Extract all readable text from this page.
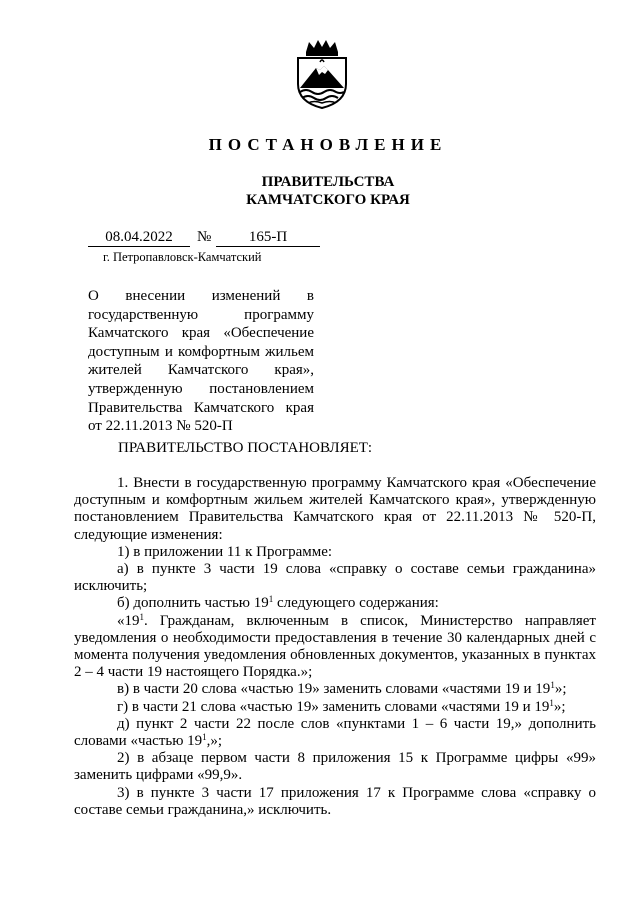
ПОСТАНОВЛЕНИЕ
ПРАВИТЕЛЬСТВА
КАМЧАТСКОГО КРАЯ
08.04.2022	№	165-П
г. Петропавловск-Камчатский
О внесении изменений в
государственную программу
Камчатского края «Обеспечение
доступным и комфортным жильем
жителей Камчатского края»,
утвержденную постановлением
Правительства Камчатского края
от 22.11.2013 № 520-П
ПРАВИТЕЛЬСТВО ПОСТАНОВЛЯЕТ:

1. Внести в государственную программу Камчатского края «Обеспечение доступным и комфортным жильем жителей Камчатского края», утвержденную постановлением Правительства Камчатского края от 22.11.2013 № 520-П, следующие изменения:

1) в приложении 11 к Программе:

а) в пункте 3 части 19 слова «справку о составе семьи гражданина» исключить;

б) дополнить частью $19^1$ следующего содержания:

«$19^1$. Гражданам, включенным в список, Министерство направляет уведомления о необходимости предоставления в течение 30 календарных дней с момента получения уведомления обновленных документов, указанных в пунктах 2 – 4 части 19 настоящего Порядка.»;

в) в части 20 слова «частью 19» заменить словами «частями 19 и $19^1$»;

г) в части 21 слова «частью 19» заменить словами «частями 19 и $19^1$»;

д) пункт 2 части 22 после слов «пунктами 1 – 6 части 19,» дополнить словами «частью $19^1$,»;

2) в абзаце первом части 8 приложения 15 к Программе цифры «99» заменить цифрами «99,9».

3) в пункте 3 части 17 приложения 17 к Программе слова «справку о составе семьи гражданина,» исключить.
